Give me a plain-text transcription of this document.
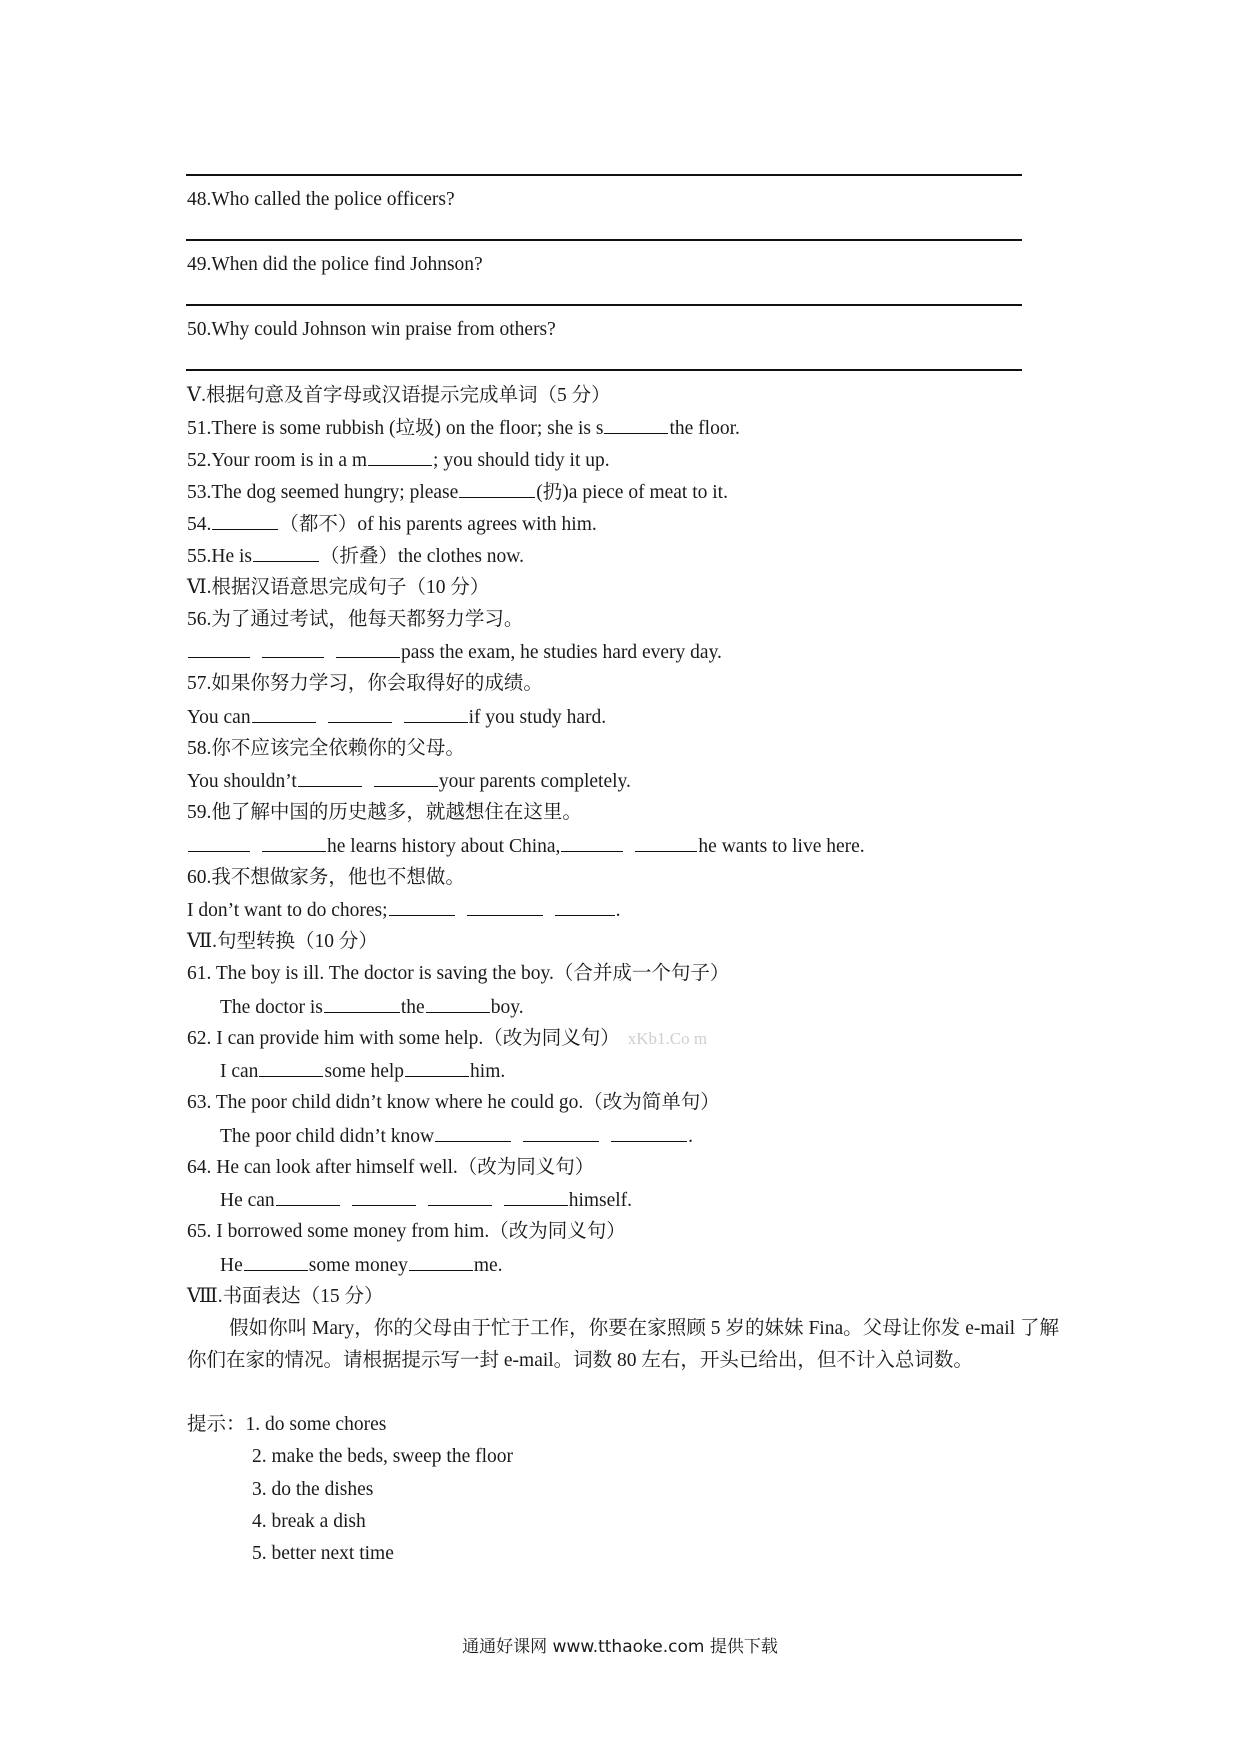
48.Who called the police officers?
49.When did the police find Johnson?
50.Why could Johnson win praise from others?
Ⅴ.根据句意及首字母或汉语提示完成单词（5 分）
51.There is some rubbish (垃圾) on the floor; she is s	the floor.
52.Your room is in a m	; you should tidy it up.
53.The dog seemed hungry; please	(扔)a piece of meat to it.
54.	（都不）of his parents agrees with him.
55.He is	（折叠）the clothes now.
Ⅵ.根据汉语意思完成句子（10 分）
56.为了通过考试，他每天都努力学习。
pass the exam, he studies hard every day.
57.如果你努力学习，你会取得好的成绩。
You can	if you study hard.
58.你不应该完全依赖你的父母。
You shouldn’t	your parents completely.
59.他了解中国的历史越多，就越想住在这里。
he learns history about China,	he wants to live here.
60.我不想做家务，他也不想做。
I don’t want to do chores;	.
Ⅶ.句型转换（10 分）
61. The boy is ill. The doctor is saving the boy.（合并成一个句子）
The doctor is	the	boy.
62. I can provide him with some help.（改为同义句） xKb1.Co m
I can	some help	him.
63. The poor child didn’t know where he could go.（改为简单句）
The poor child didn’t know	.
64. He can look after himself well.（改为同义句）
He can	himself.
65. I borrowed some money from him.（改为同义句）
He	some money	me.
Ⅷ.书面表达（15 分）
假如你叫 Mary，你的父母由于忙于工作，你要在家照顾 5 岁的妹妹 Fina。父母让你发 e-mail 了解你们在家的情况。请根据提示写一封 e-mail。词数 80 左右，开头已给出，但不计入总词数。
提示：1. do some chores
2. make the beds, sweep the floor
3. do the dishes
4. break a dish
5. better next time
通通好课网 www.tthaoke.com 提供下载
